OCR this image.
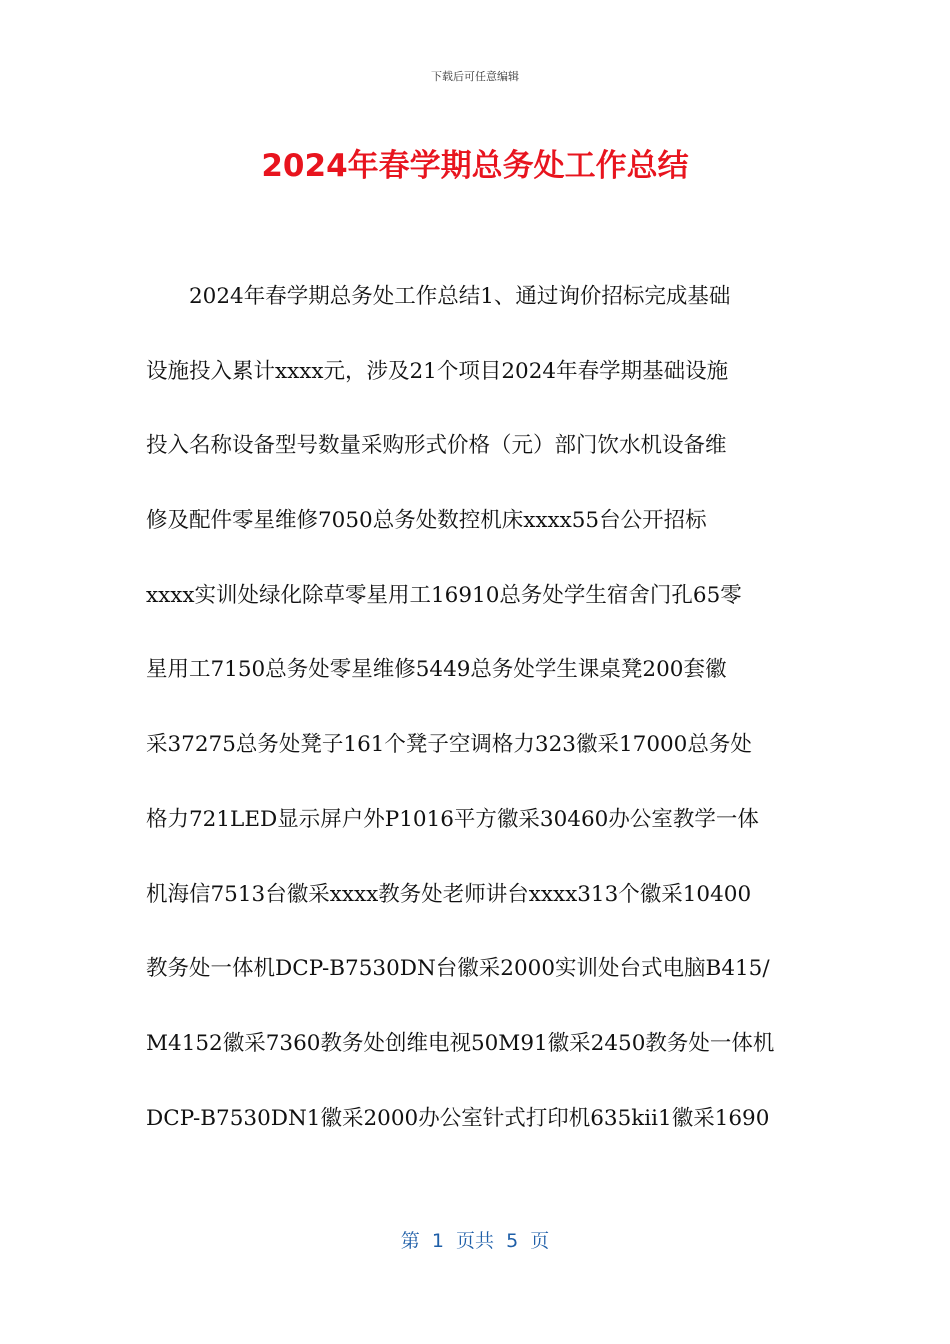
下载后可任意编辑
2024年春学期总务处工作总结
2024年春学期总务处工作总结1、通过询价招标完成基础
设施投入累计xxxx元，涉及21个项目2024年春学期基础设施
投入名称设备型号数量采购形式价格（元）部门饮水机设备维
修及配件零星维修7050总务处数控机床xxxx55台公开招标
xxxx实训处绿化除草零星用工16910总务处学生宿舍门孔65零
星用工7150总务处零星维修5449总务处学生课桌凳200套徽
采37275总务处凳子161个凳子空调格力323徽采17000总务处
格力721LED显示屏户外P1016平方徽采30460办公室教学一体
机海信7513台徽采xxxx教务处老师讲台xxxx313个徽采10400
教务处一体机DCP-B7530DN台徽采2000实训处台式电脑B415/
M4152徽采7360教务处创维电视50M91徽采2450教务处一体机
DCP-B7530DN1徽采2000办公室针式打印机635kii1徽采1690
第  1  页共  5  页
